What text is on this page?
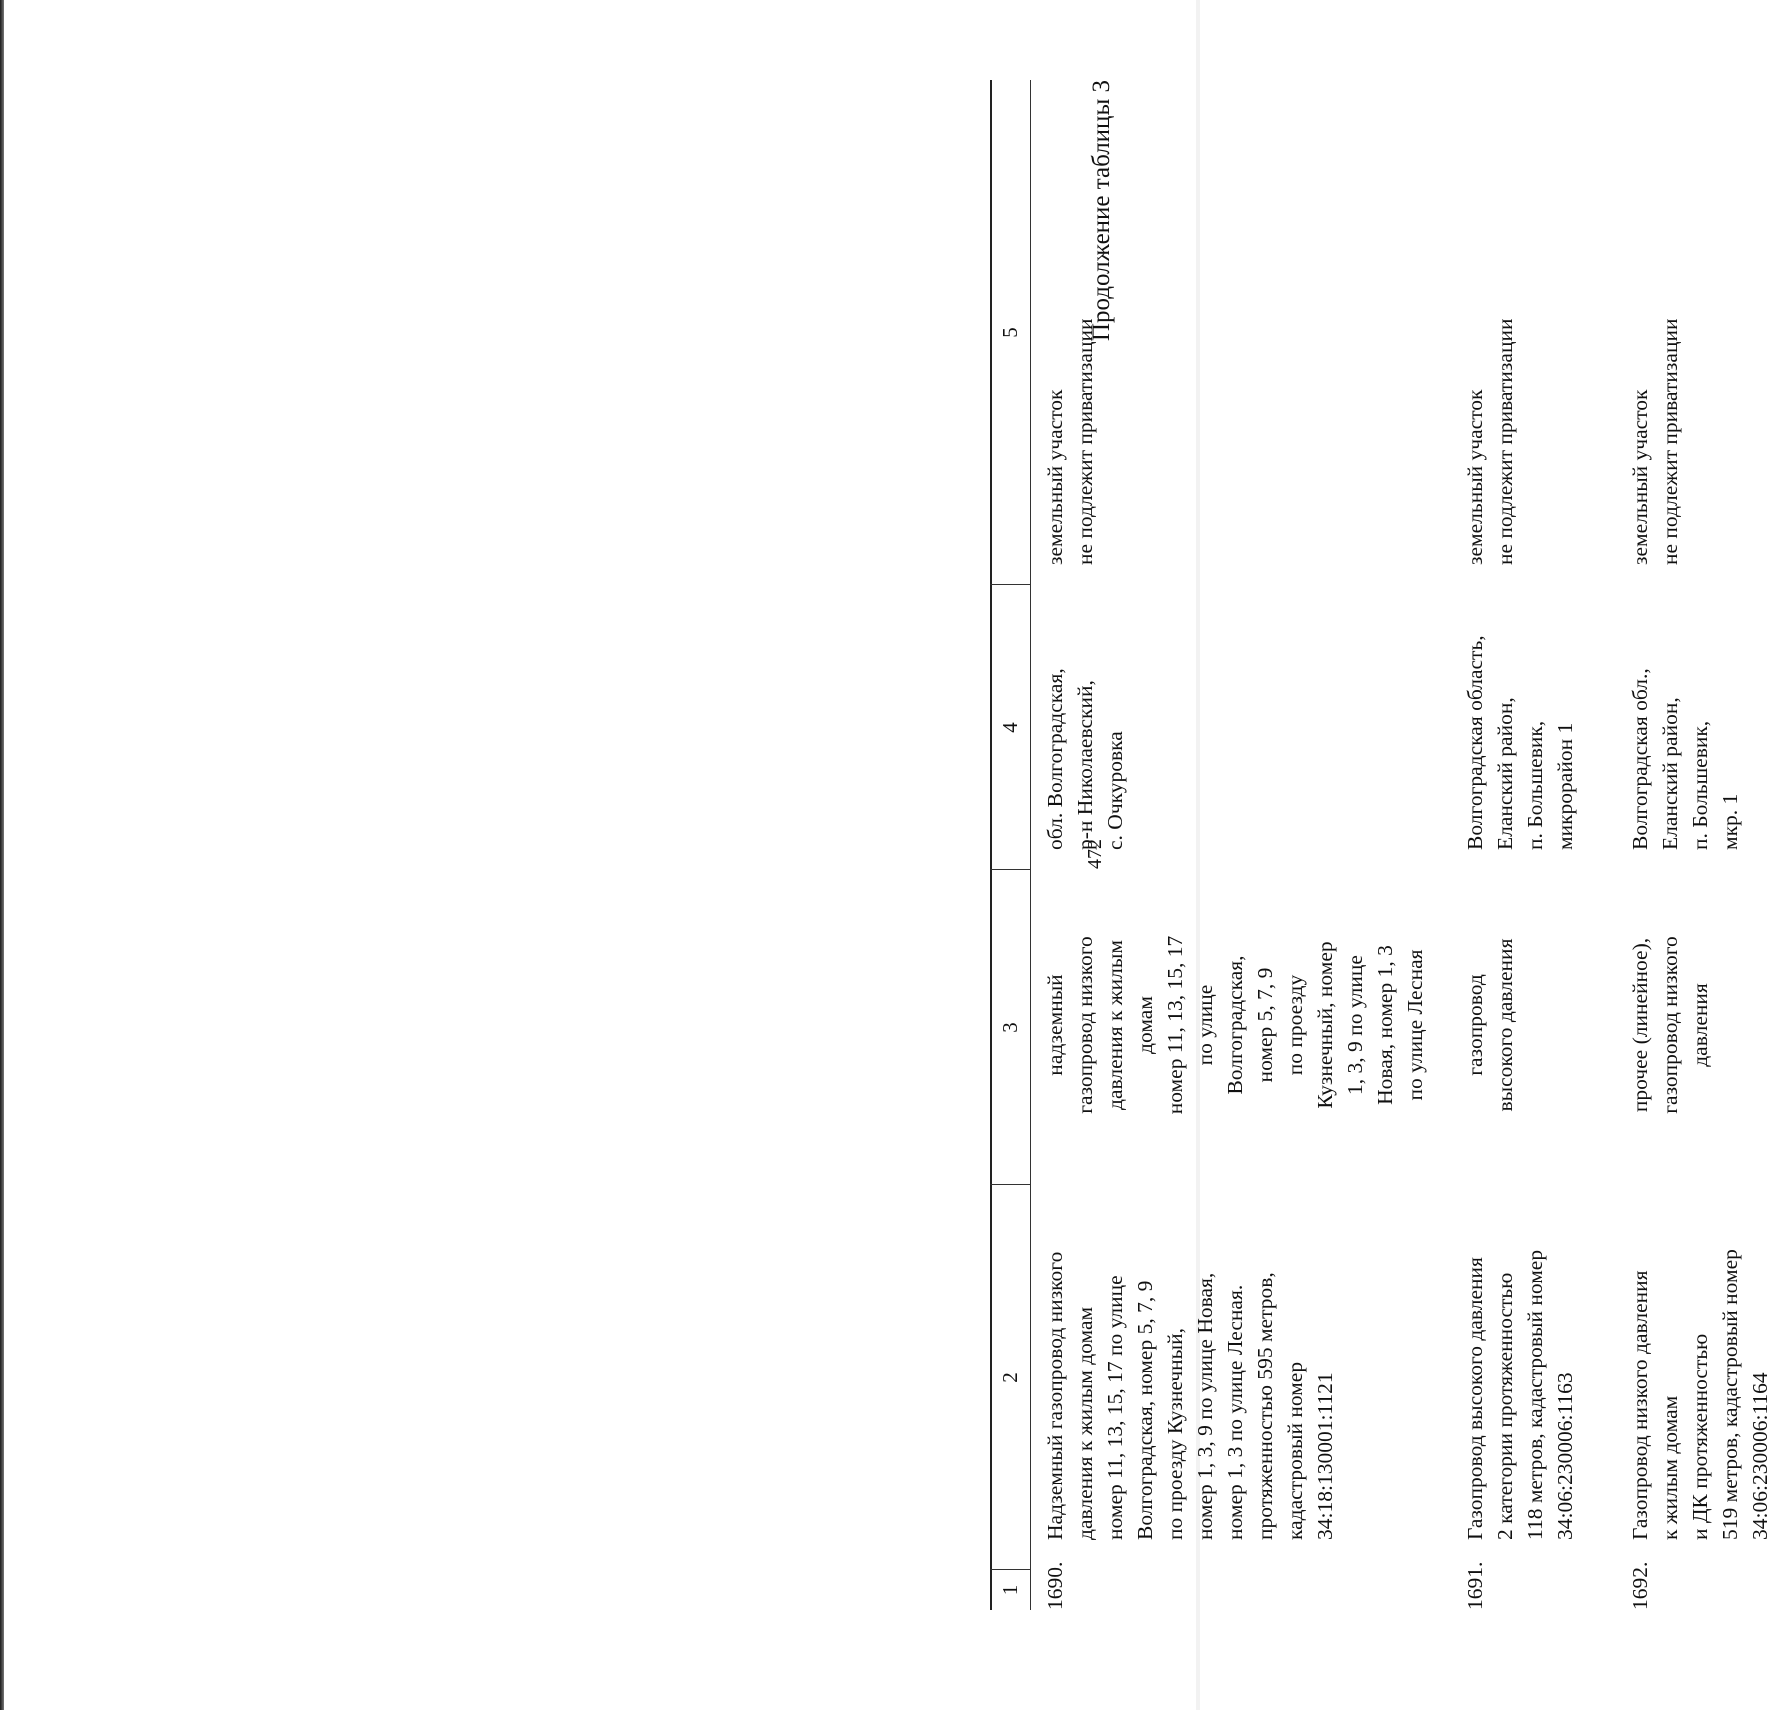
472
Продолжение таблицы 3
1
2
3
4
5
1690.
Надземный газопровод низкого
давления к жилым домам
номер 11, 13, 15, 17 по улице
Волгоградская, номер 5, 7, 9
по проезду Кузнечный,
номер 1, 3, 9 по улице Новая,
номер 1, 3 по улице Лесная.
протяженностью 595 метров,
кадастровый номер
34:18:130001:1121
надземный
газопровод низкого
давления к жилым
домам
номер 11, 13, 15, 17
по улице
Волгоградская,
номер 5, 7, 9
по проезду
Кузнечный, номер
1, 3, 9 по улице
Новая, номер 1, 3
по улице Лесная
обл. Волгоградская,
р-н Николаевский,
с. Очкуровка
земельный участок
не подлежит приватизации
1691.
Газопровод высокого давления
2 категории протяженностью
118 метров, кадастровый номер
34:06:230006:1163
газопровод
высокого давления
Волгоградская область,
Еланский район,
п. Большевик,
микрорайон 1
земельный участок
не подлежит приватизации
1692.
Газопровод низкого давления
к жилым домам
и ДК протяженностью
519 метров, кадастровый номер
34:06:230006:1164
прочее (линейное),
газопровод низкого
давления
Волгоградская обл.,
Еланский район,
п. Большевик,
мкр. 1
земельный участок
не подлежит приватизации
